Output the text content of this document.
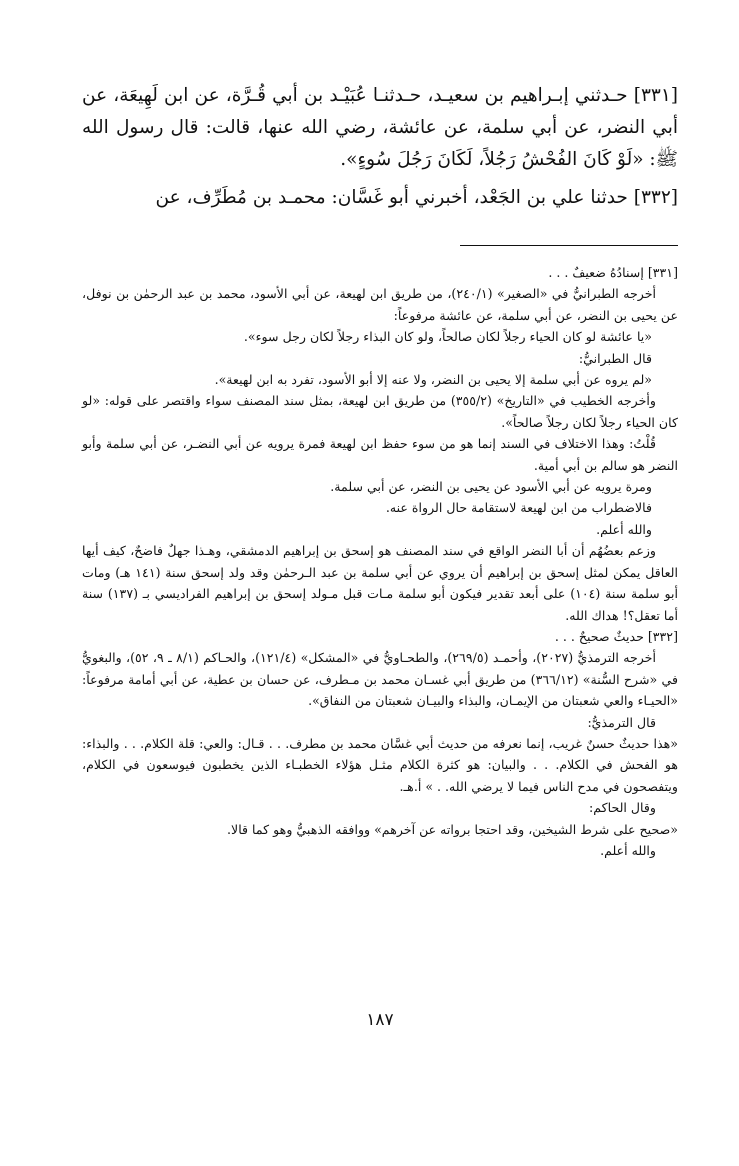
[٣٣١] حـدثني إبـراهيم بن سعيـد، حـدثنـا عُبَيْـد بن أبي قُـرَّة، عن ابن لَهِيعَة، عن أبي النضر، عن أبي سلمة، عن عائشة، رضي الله عنها، قالت: قال رسول الله ﷺ: «لَوْ كَانَ الفُحْشُ رَجُلاً، لَكَانَ رَجُلَ سُوءٍ».

[٣٣٢] حدثنا علي بن الجَعْد، أخبرني أبو غَسَّان: محمـد بن مُطَرِّف، عن

[٣٣١] إسنادُهُ ضعيفٌ . . .

أخرجه الطبرانيُّ في «الصغير» (٢٤٠/١)، من طريق ابن لهيعة، عن أبي الأسود، محمد بن عبد الرحمٰن بن نوفل، عن يحيى بن النضر، عن أبي سلمة، عن عائشة مرفوعاً:

«يا عائشة لو كان الحياء رجلاً لكان صالحاً، ولو كان البذاء رجلاً لكان رجل سوء».

قال الطبرانيُّ:

«لم يروه عن أبي سلمة إلا يحيى بن النضر، ولا عنه إلا أبو الأسود، تفرد به ابن لهيعة».

وأخرجه الخطيب في «التاريخ» (٣٥٥/٢) من طريق ابن لهيعة، بمثل سند المصنف سواء واقتصر على قوله: «لو كان الحياء رجلاً لكان رجلاً صالحاً».

قُلْتُ: وهذا الاختلاف في السند إنما هو من سوء حفظ ابن لهيعة فمرة يرويه عن أبي النضـر، عن أبي سلمة وأبو النضر هو سالم بن أبي أمية.

ومرة يرويه عن أبي الأسود عن يحيى بن النضر، عن أبي سلمة.

فالاضطراب من ابن لهيعة لاستقامة حال الرواة عنه.

والله أعلم.

وزعم بعضُهُم أن أبا النضر الواقع في سند المصنف هو إسحق بن إبراهيم الدمشقي، وهـذا جهلٌ فاضحٌ، كيف أيها العاقل يمكن لمثل إسحق بن إبراهيم أن يروي عن أبي سلمة بن عبد الـرحمٰن وقد ولد إسحق سنة (١٤١ هـ) ومات أبو سلمة سنة (١٠٤) على أبعد تقدير فيكون أبو سلمة مـات قبل مـولد إسحق بن إبراهيم الفراديسي بـ (١٣٧) سنة أما تعقل؟! هداك الله.

[٣٣٢] حديثٌ صحيحٌ . . .

أخرجه الترمذيُّ (٢٠٢٧)، وأحمـد (٢٦٩/٥)، والطحـاويُّ في «المشكل» (١٢١/٤)، والحـاكم (٨/١ ـ ٩، ٥٢)، والبغويُّ في «شرح السُّنة» (٣٦٦/١٢) من طريق أبي غسـان محمد بن مـطرف، عن حسان بن عطية، عن أبي أمامة مرفوعاً: «الحيـاء والعي شعبتان من الإيمـان، والبذاء والبيـان شعبتان من النفاق».

قال الترمذيُّ:

«هذا حديثٌ حسنٌ غريب، إنما نعرفه من حديث أبي غسَّان محمد بن مطرف. . . قـال: والعي: قلة الكلام. . . والبذاء: هو الفحش في الكلام. . . والبيان: هو كثرة الكلام مثـل هؤلاء الخطبـاء الذين يخطبون فيوسعون في الكلام، ويتفصحون في مدح الناس فيما لا يرضي الله. . » أ.هـ.

وقال الحاكم:

«صحيح على شرط الشيخين، وقد احتجا برواته عن آخرهم» ووافقه الذهبيُّ وهو كما قالا.

والله أعلم.

١٨٧
